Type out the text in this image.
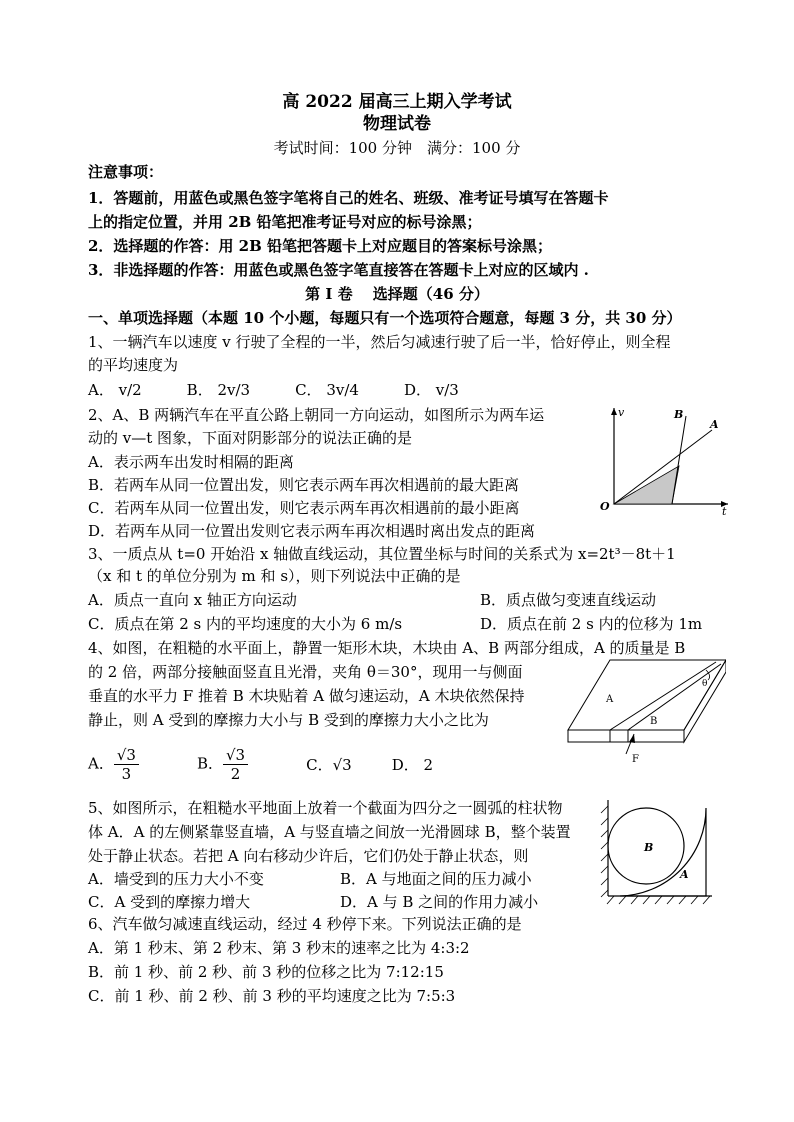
高 2022 届高三上期入学考试
物理试卷
考试时间：100 分钟　满分：100 分
注意事项：
1．答题前，用蓝色或黑色签字笔将自己的姓名、班级、准考证号填写在答题卡
上的指定位置，并用 2B 铅笔把准考证号对应的标号涂黑；
2．选择题的作答：用 2B 铅笔把答题卡上对应题目的答案标号涂黑；
3．非选择题的作答：用蓝色或黑色签字笔直接答在答题卡上对应的区域内 .
第 I 卷　 选择题（46 分）
一、单项选择题（本题 10 个小题，每题只有一个选项符合题意，每题 3 分，共 30 分）
1、一辆汽车以速度 v 行驶了全程的一半，然后匀减速行驶了后一半，恰好停止，则全程
的平均速度为
A． v/2　　　B． 2v/3　　　C． 3v/4　　　D． v/3
2、A、B 两辆汽车在平直公路上朝同一方向运动，如图所示为两车运
动的 v—t 图象，下面对阴影部分的说法正确的是
A．表示两车出发时相隔的距离
B．若两车从同一位置出发，则它表示两车再次相遇前的最大距离
C．若两车从同一位置出发，则它表示两车再次相遇前的最小距离
D．若两车从同一位置出发则它表示两车再次相遇时离出发点的距离
v
t
O
A
B
3、一质点从 t=0 开始沿 x 轴做直线运动，其位置坐标与时间的关系式为 x=2t³－8t＋1
（x 和 t 的单位分别为 m 和 s），则下列说法中正确的是
A．质点一直向 x 轴正方向运动	B．质点做匀变速直线运动
C．质点在第 2 s 内的平均速度的大小为 6 m/s	D．质点在前 2 s 内的位移为 1m
4、如图，在粗糙的水平面上，静置一矩形木块，木块由 A、B 两部分组成，A 的质量是 B
的 2 倍，两部分接触面竖直且光滑，夹角 θ＝30°，现用一与侧面
垂直的水平力 F 推着 B 木块贴着 A 做匀速运动，A 木块依然保持
静止，则 A 受到的摩擦力大小与 B 受到的摩擦力大小之比为
A． $\frac{√3}{3}$	B． $\frac{√3}{2}$	C．√3	D． 2
A
B
θ
F
5、如图所示，在粗糙水平地面上放着一个截面为四分之一圆弧的柱状物
体 A．A 的左侧紧靠竖直墙，A 与竖直墙之间放一光滑圆球 B，整个装置
处于静止状态。若把 A 向右移动少许后，它们仍处于静止状态，则
A．墙受到的压力大小不变	B．A 与地面之间的压力减小
C．A 受到的摩擦力增大	D．A 与 B 之间的作用力减小
B
A
6、汽车做匀减速直线运动，经过 4 秒停下来。下列说法正确的是
A．第 1 秒末、第 2 秒末、第 3 秒末的速率之比为 4:3:2
B．前 1 秒、前 2 秒、前 3 秒的位移之比为 7:12:15
C．前 1 秒、前 2 秒、前 3 秒的平均速度之比为 7:5:3
